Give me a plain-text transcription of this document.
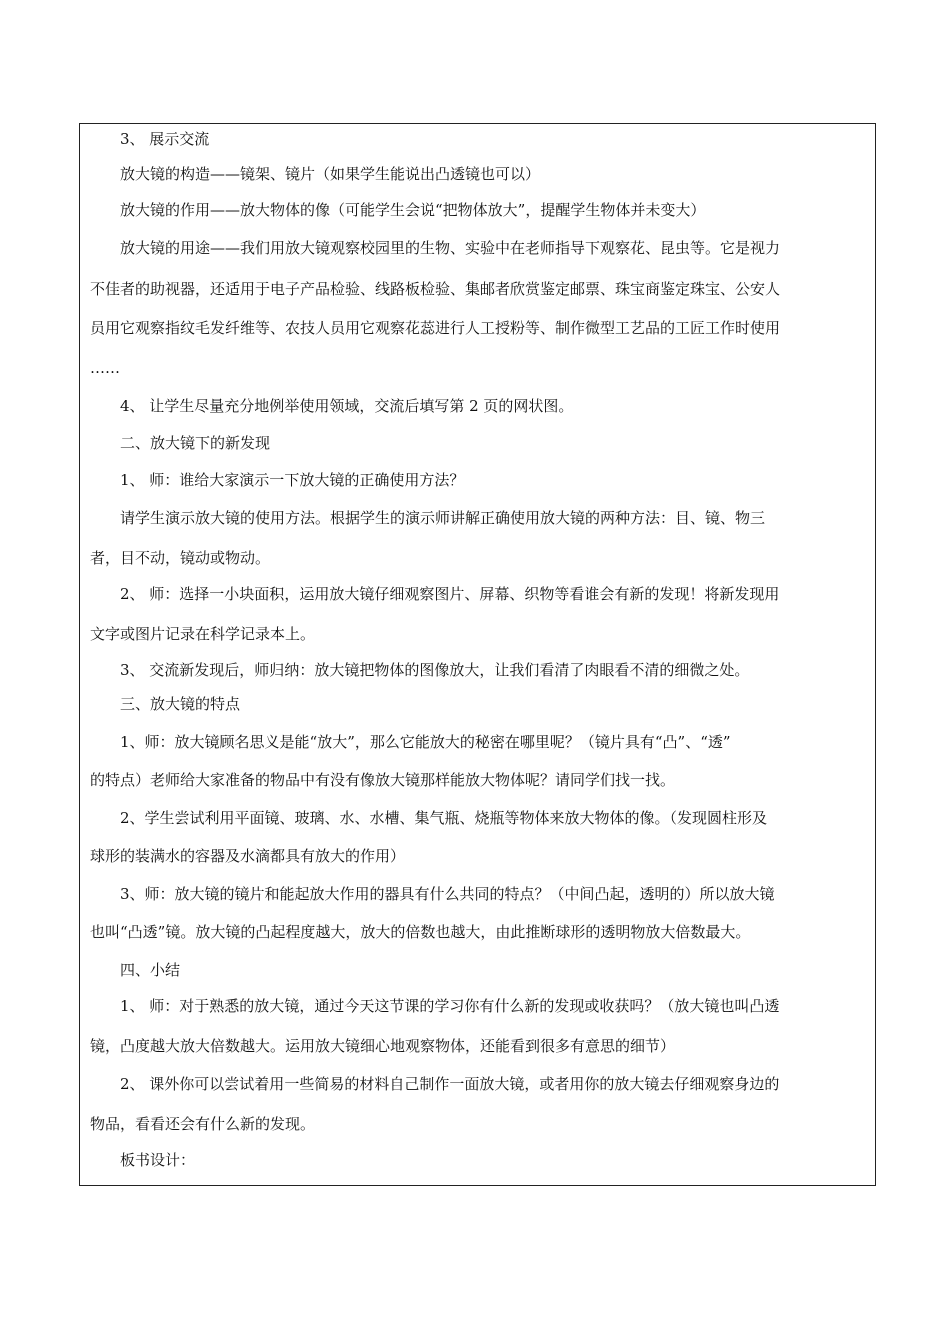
3、 展示交流
放大镜的构造——镜架、镜片（如果学生能说出凸透镜也可以）
放大镜的作用——放大物体的像（可能学生会说“把物体放大”，提醒学生物体并未变大）
放大镜的用途——我们用放大镜观察校园里的生物、实验中在老师指导下观察花、昆虫等。它是视力
不佳者的助视器，还适用于电子产品检验、线路板检验、集邮者欣赏鉴定邮票、珠宝商鉴定珠宝、公安人
员用它观察指纹毛发纤维等、农技人员用它观察花蕊进行人工授粉等、制作微型工艺品的工匠工作时使用
……
4、 让学生尽量充分地例举使用领域，交流后填写第 2 页的网状图。
二、放大镜下的新发现
1、 师：谁给大家演示一下放大镜的正确使用方法？
请学生演示放大镜的使用方法。根据学生的演示师讲解正确使用放大镜的两种方法：目、镜、物三
者，目不动，镜动或物动。
2、 师：选择一小块面积，运用放大镜仔细观察图片、屏幕、织物等看谁会有新的发现！将新发现用
文字或图片记录在科学记录本上。
3、 交流新发现后，师归纳：放大镜把物体的图像放大，让我们看清了肉眼看不清的细微之处。
三、放大镜的特点
1、师：放大镜顾名思义是能“放大”，那么它能放大的秘密在哪里呢？（镜片具有“凸”、“透”
的特点）老师给大家准备的物品中有没有像放大镜那样能放大物体呢？请同学们找一找。
2、学生尝试利用平面镜、玻璃、水、水槽、集气瓶、烧瓶等物体来放大物体的像。（发现圆柱形及
球形的装满水的容器及水滴都具有放大的作用）
3、师：放大镜的镜片和能起放大作用的器具有什么共同的特点？（中间凸起，透明的）所以放大镜
也叫“凸透”镜。放大镜的凸起程度越大，放大的倍数也越大，由此推断球形的透明物放大倍数最大。
四、小结
1、 师：对于熟悉的放大镜，通过今天这节课的学习你有什么新的发现或收获吗？（放大镜也叫凸透
镜，凸度越大放大倍数越大。运用放大镜细心地观察物体，还能看到很多有意思的细节）
2、 课外你可以尝试着用一些简易的材料自己制作一面放大镜，或者用你的放大镜去仔细观察身边的
物品，看看还会有什么新的发现。
板书设计：
